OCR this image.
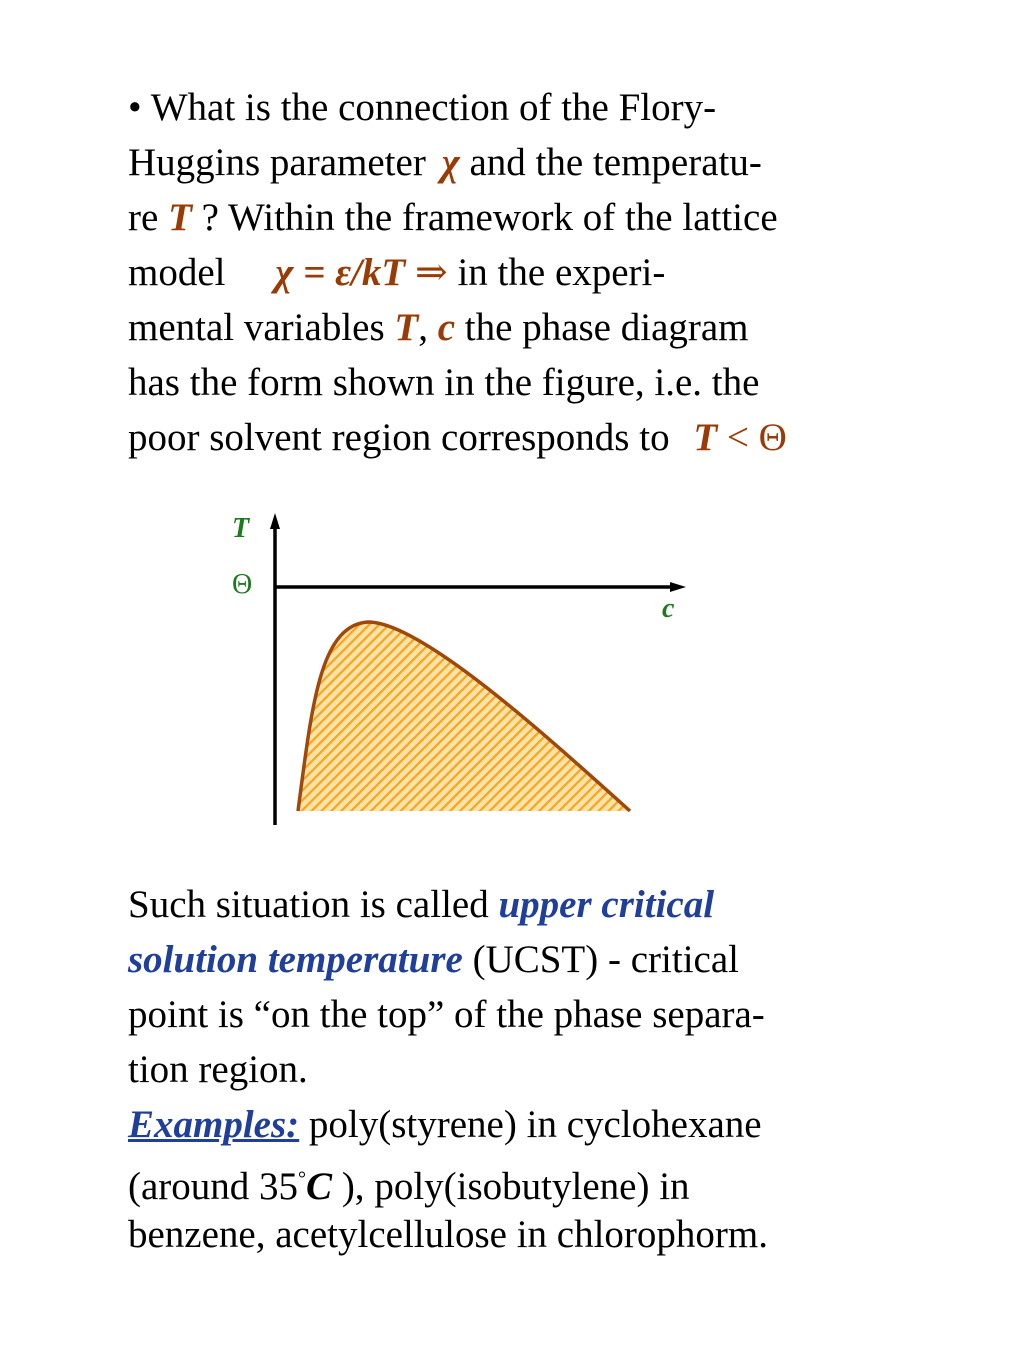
• What is the connection of the Flory-
Huggins parameter χ and the temperatu-
re T ? Within the framework of the lattice
model χ = ε/kT ⇒ in the experi-
mental variables T, c the phase diagram
has the form shown in the figure, i.e. the
poor solvent region corresponds to T < Θ
T
Θ
c
Such situation is called upper critical
solution temperature (UCST) - critical
point is “on the top” of the phase separa-
tion region.
Examples: poly(styrene) in cyclohexane
(around 35°C ), poly(isobutylene) in
benzene, acetylcellulose in chlorophorm.
